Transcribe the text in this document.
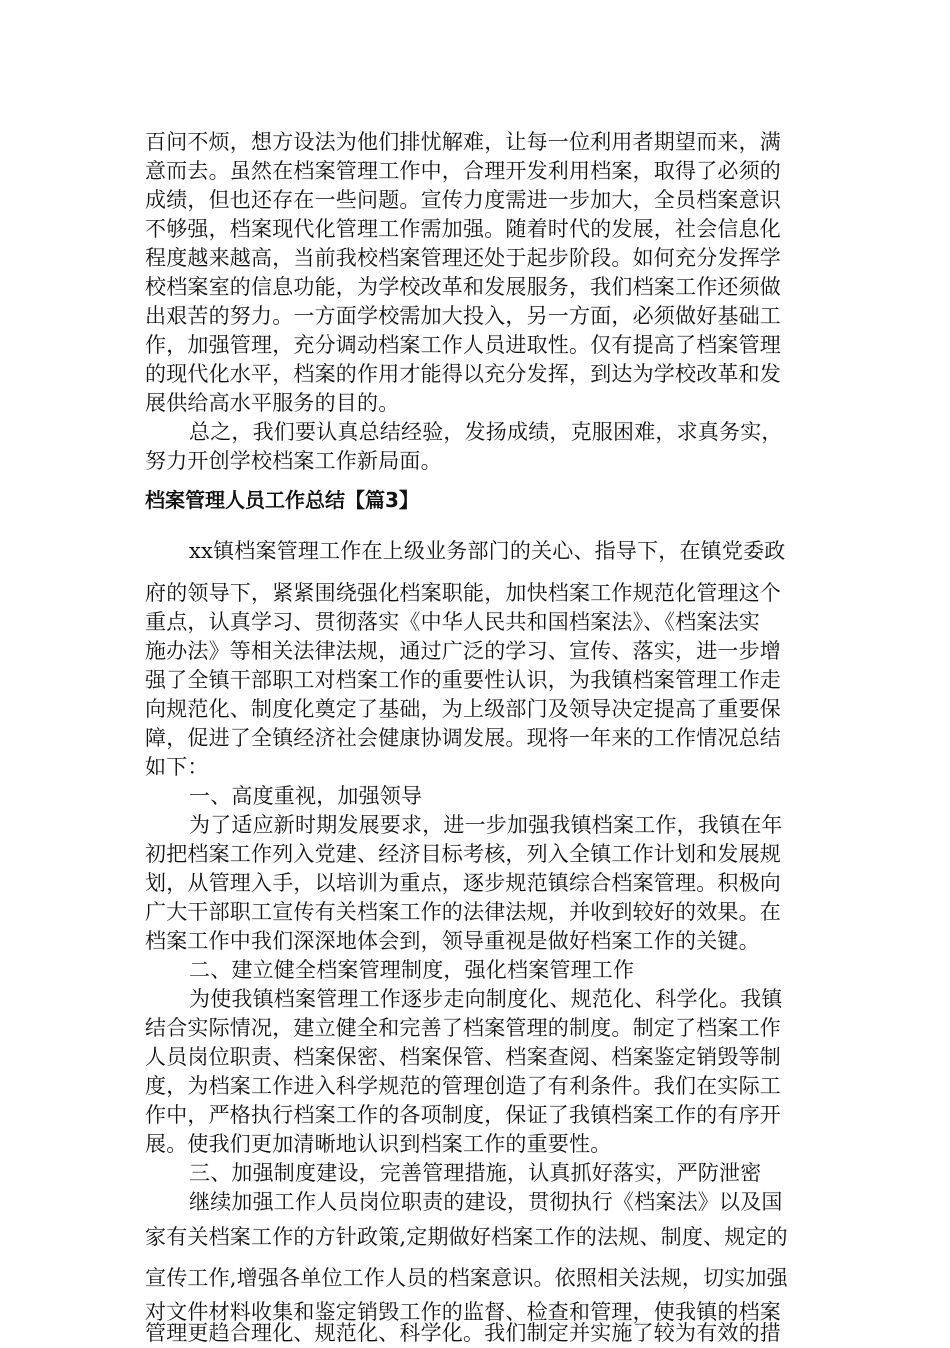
百问不烦，想方设法为他们排忧解难，让每一位利用者期望而来，满
意而去。虽然在档案管理工作中，合理开发利用档案，取得了必须的
成绩，但也还存在一些问题。宣传力度需进一步加大，全员档案意识
不够强，档案现代化管理工作需加强。随着时代的发展，社会信息化
程度越来越高，当前我校档案管理还处于起步阶段。如何充分发挥学
校档案室的信息功能，为学校改革和发展服务，我们档案工作还须做
出艰苦的努力。一方面学校需加大投入，另一方面，必须做好基础工
作，加强管理，充分调动档案工作人员进取性。仅有提高了档案管理
的现代化水平，档案的作用才能得以充分发挥，到达为学校改革和发
展供给高水平服务的目的。
总之，我们要认真总结经验，发扬成绩，克服困难，求真务实，
努力开创学校档案工作新局面。
档案管理人员工作总结【篇3】
xx镇档案管理工作在上级业务部门的关心、指导下，在镇党委政
府的领导下，紧紧围绕强化档案职能，加快档案工作规范化管理这个
重点，认真学习、贯彻落实《中华人民共和国档案法》、《档案法实
施办法》等相关法律法规，通过广泛的学习、宣传、落实，进一步增
强了全镇干部职工对档案工作的重要性认识，为我镇档案管理工作走
向规范化、制度化奠定了基础，为上级部门及领导决定提高了重要保
障，促进了全镇经济社会健康协调发展。现将一年来的工作情况总结
如下：
一、高度重视，加强领导
为了适应新时期发展要求，进一步加强我镇档案工作，我镇在年
初把档案工作列入党建、经济目标考核，列入全镇工作计划和发展规
划，从管理入手，以培训为重点，逐步规范镇综合档案管理。积极向
广大干部职工宣传有关档案工作的法律法规，并收到较好的效果。在
档案工作中我们深深地体会到，领导重视是做好档案工作的关键。
二、建立健全档案管理制度，强化档案管理工作
为使我镇档案管理工作逐步走向制度化、规范化、科学化。我镇
结合实际情况，建立健全和完善了档案管理的制度。制定了档案工作
人员岗位职责、档案保密、档案保管、档案查阅、档案鉴定销毁等制
度，为档案工作进入科学规范的管理创造了有利条件。我们在实际工
作中，严格执行档案工作的各项制度，保证了我镇档案工作的有序开
展。使我们更加清晰地认识到档案工作的重要性。
三、加强制度建设，完善管理措施，认真抓好落实，严防泄密
继续加强工作人员岗位职责的建设，贯彻执行《档案法》以及国
家有关档案工作的方针政策,定期做好档案工作的法规、制度、规定的
宣传工作,增强各单位工作人员的档案意识。依照相关法规，切实加强
对文件材料收集和鉴定销毁工作的监督、检查和管理，使我镇的档案
管理更趋合理化、规范化、科学化。我们制定并实施了较为有效的措
